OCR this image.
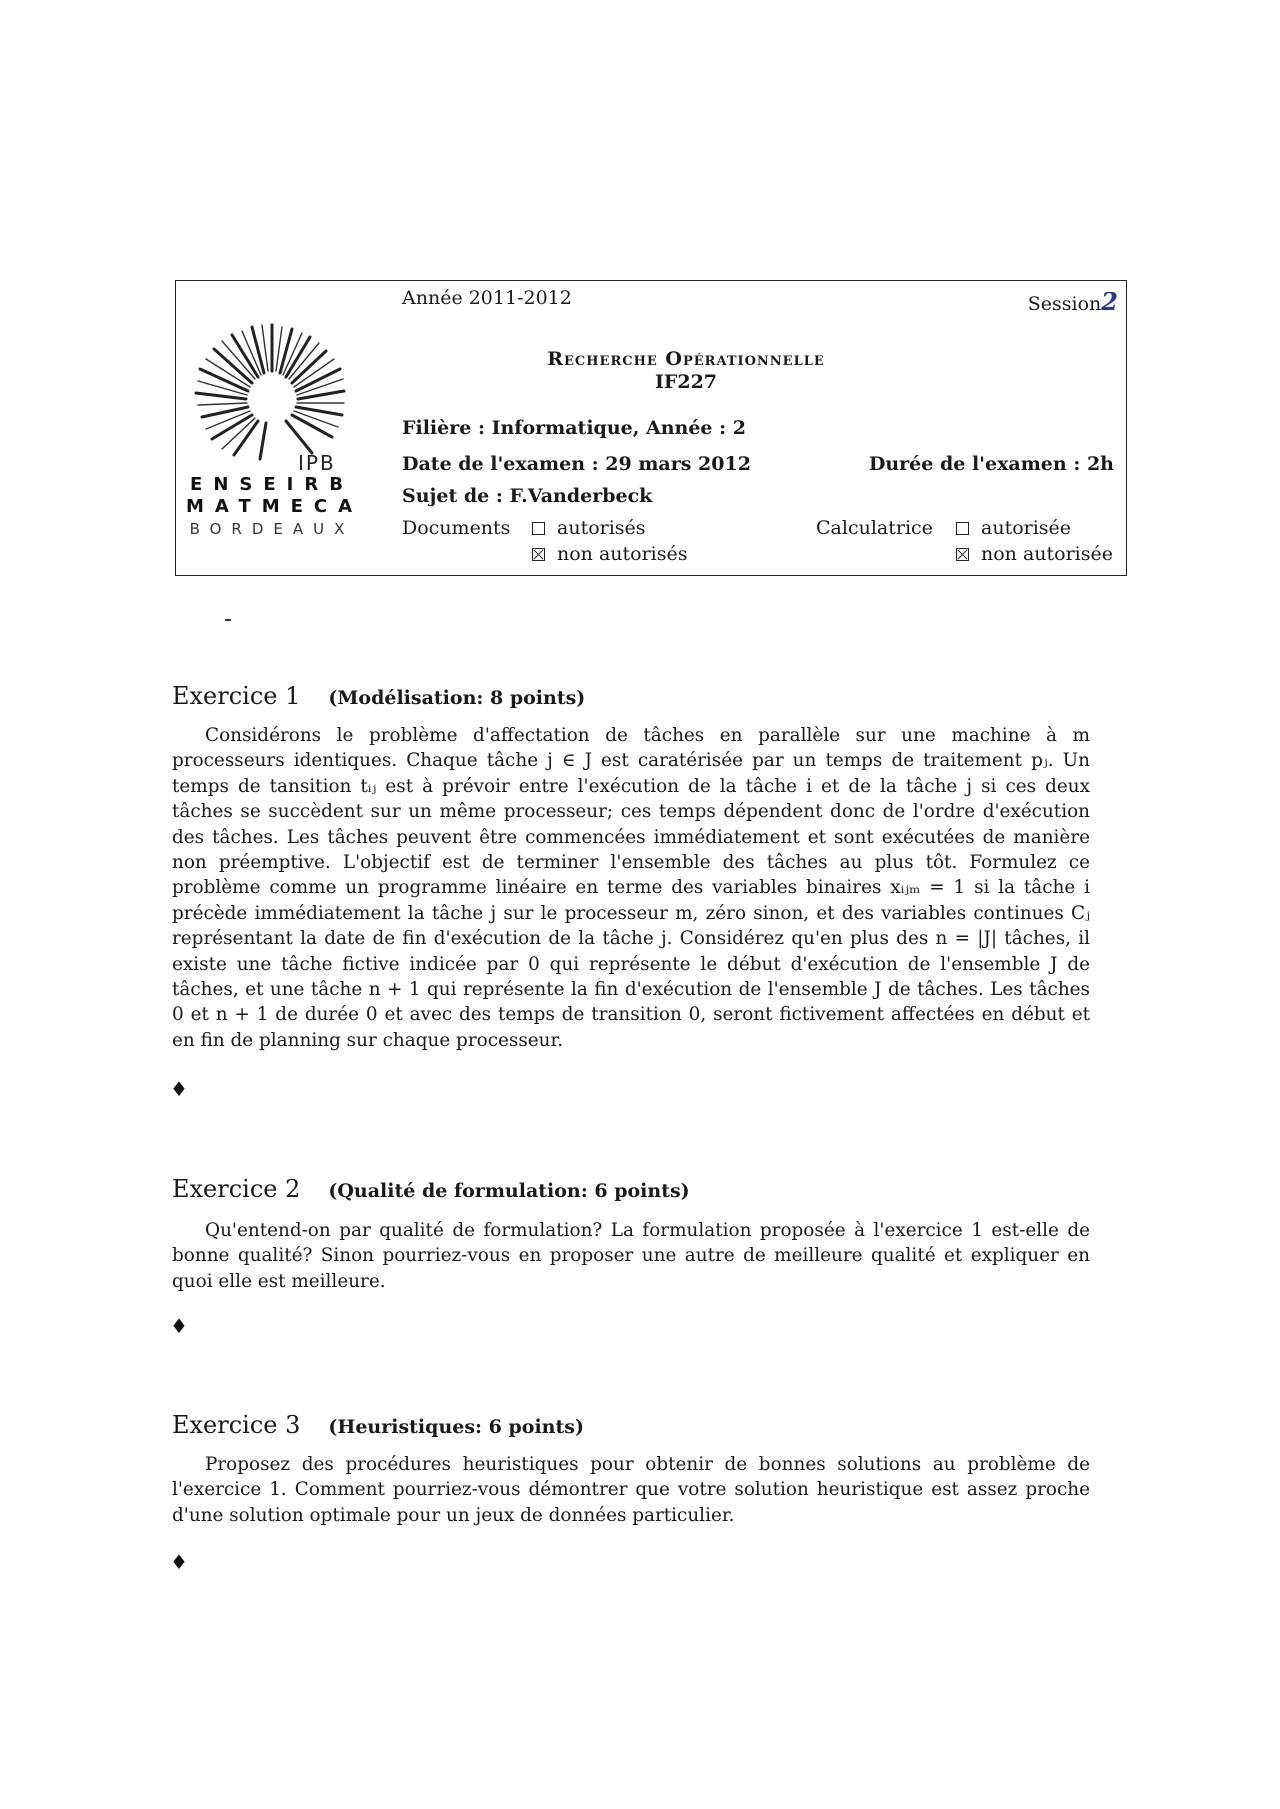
IPB
ENSEIRB
MATMECA
BORDEAUX
Année 2011-2012	Session2
Recherche Opérationnelle
IF227
Filière : Informatique, Année : 2
Date de l'examen : 29 mars 2012	Durée de l'examen : 2h
Sujet de : F.Vanderbeck
Documents	autorisés
non autorisés
Calculatrice	autorisée
non autorisée
Exercice 1 (Modélisation: 8 points)
Considérons le problème d'affectation de tâches en parallèle sur une machine à m processeurs identiques. Chaque tâche j ∈ J est caratérisée par un temps de traitement pⱼ. Un temps de tansition tᵢⱼ est à prévoir entre l'exécution de la tâche i et de la tâche j si ces deux tâches se succèdent sur un même processeur; ces temps dépendent donc de l'ordre d'exécution des tâches. Les tâches peuvent être commencées immédiatement et sont exécutées de manière non préemptive. L'objectif est de terminer l'ensemble des tâches au plus tôt. Formulez ce problème comme un programme linéaire en terme des variables binaires xᵢⱼₘ = 1 si la tâche i précède immédiatement la tâche j sur le processeur m, zéro sinon, et des variables continues Cⱼ représentant la date de fin d'exécution de la tâche j. Considérez qu'en plus des n = |J| tâches, il existe une tâche fictive indicée par 0 qui représente le début d'exécution de l'ensemble J de tâches, et une tâche n + 1 qui représente la fin d'exécution de l'ensemble J de tâches. Les tâches 0 et n + 1 de durée 0 et avec des temps de transition 0, seront fictivement affectées en début et en fin de planning sur chaque processeur.
♦
Exercice 2 (Qualité de formulation: 6 points)
Qu'entend-on par qualité de formulation? La formulation proposée à l'exercice 1 est-elle de bonne qualité? Sinon pourriez-vous en proposer une autre de meilleure qualité et expliquer en quoi elle est meilleure.
♦
Exercice 3 (Heuristiques: 6 points)
Proposez des procédures heuristiques pour obtenir de bonnes solutions au problème de l'exercice 1. Comment pourriez-vous démontrer que votre solution heuristique est assez proche d'une solution optimale pour un jeux de données particulier.
♦
